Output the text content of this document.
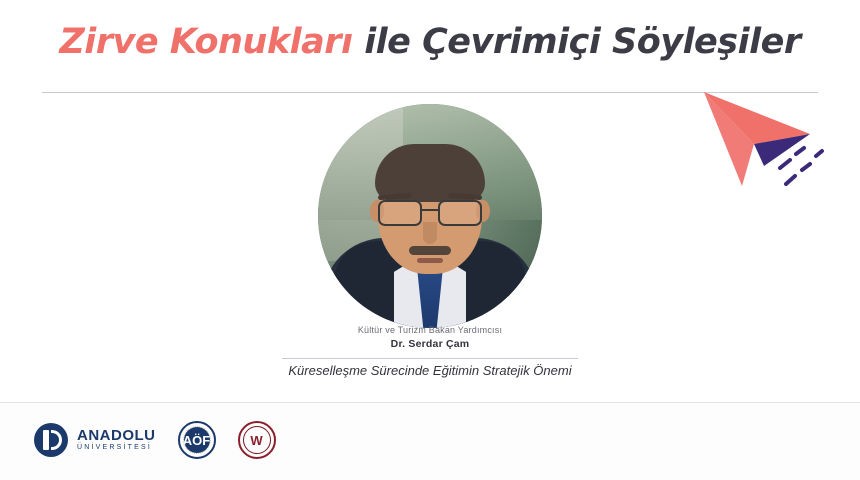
Zirve Konukları ile Çevrimiçi Söyleşiler
Kültür ve Turizm Bakan Yardımcısı
Dr. Serdar Çam
Küreselleşme Sürecinde Eğitimin Stratejik Önemi
ANADOLU
ÜNİVERSİTESİ
AÖF	W
